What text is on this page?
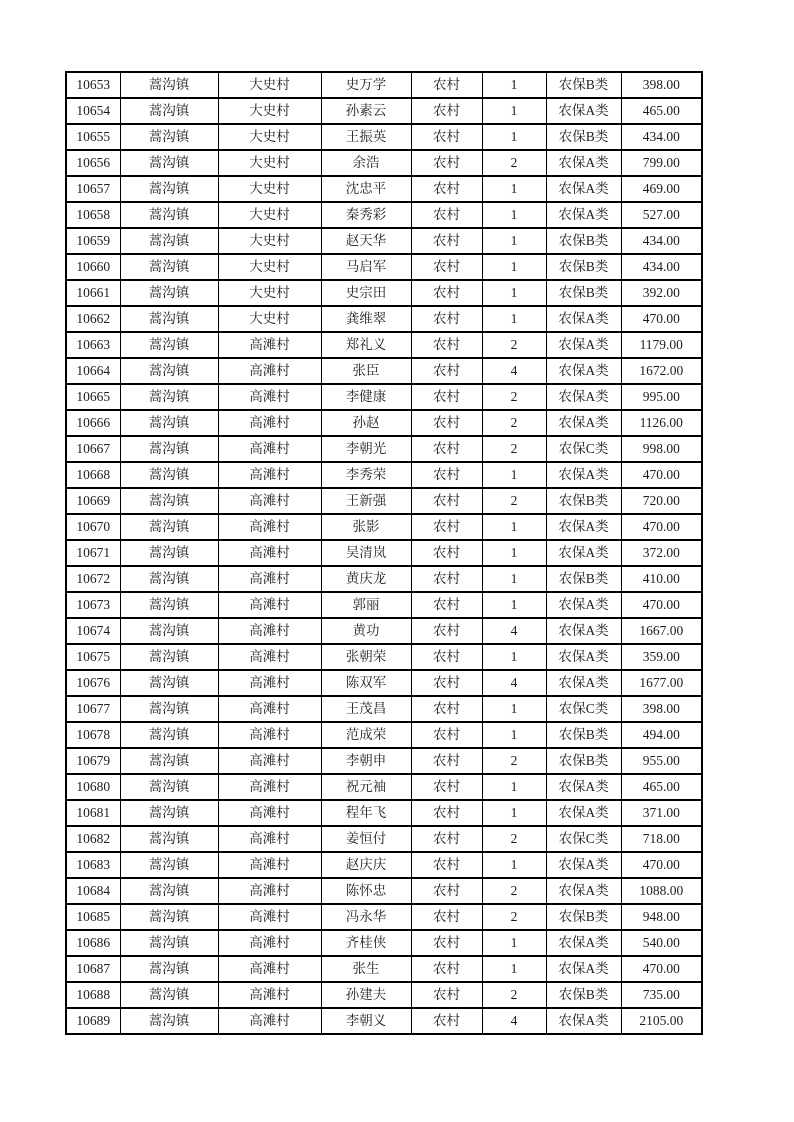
10653	蒿沟镇	大史村	史万学	农村	1	农保B类	398.00
10654	蒿沟镇	大史村	孙素云	农村	1	农保A类	465.00
10655	蒿沟镇	大史村	王振英	农村	1	农保B类	434.00
10656	蒿沟镇	大史村	余浩	农村	2	农保A类	799.00
10657	蒿沟镇	大史村	沈忠平	农村	1	农保A类	469.00
10658	蒿沟镇	大史村	秦秀彩	农村	1	农保A类	527.00
10659	蒿沟镇	大史村	赵天华	农村	1	农保B类	434.00
10660	蒿沟镇	大史村	马启军	农村	1	农保B类	434.00
10661	蒿沟镇	大史村	史宗田	农村	1	农保B类	392.00
10662	蒿沟镇	大史村	龚维翠	农村	1	农保A类	470.00
10663	蒿沟镇	高滩村	郑礼义	农村	2	农保A类	1179.00
10664	蒿沟镇	高滩村	张臣	农村	4	农保A类	1672.00
10665	蒿沟镇	高滩村	李健康	农村	2	农保A类	995.00
10666	蒿沟镇	高滩村	孙赵	农村	2	农保A类	1126.00
10667	蒿沟镇	高滩村	李朝光	农村	2	农保C类	998.00
10668	蒿沟镇	高滩村	李秀荣	农村	1	农保A类	470.00
10669	蒿沟镇	高滩村	王新强	农村	2	农保B类	720.00
10670	蒿沟镇	高滩村	张影	农村	1	农保A类	470.00
10671	蒿沟镇	高滩村	吴清岚	农村	1	农保A类	372.00
10672	蒿沟镇	高滩村	黄庆龙	农村	1	农保B类	410.00
10673	蒿沟镇	高滩村	郭丽	农村	1	农保A类	470.00
10674	蒿沟镇	高滩村	黄功	农村	4	农保A类	1667.00
10675	蒿沟镇	高滩村	张朝荣	农村	1	农保A类	359.00
10676	蒿沟镇	高滩村	陈双军	农村	4	农保A类	1677.00
10677	蒿沟镇	高滩村	王茂昌	农村	1	农保C类	398.00
10678	蒿沟镇	高滩村	范成荣	农村	1	农保B类	494.00
10679	蒿沟镇	高滩村	李朝申	农村	2	农保B类	955.00
10680	蒿沟镇	高滩村	祝元袖	农村	1	农保A类	465.00
10681	蒿沟镇	高滩村	程年飞	农村	1	农保A类	371.00
10682	蒿沟镇	高滩村	姜恒付	农村	2	农保C类	718.00
10683	蒿沟镇	高滩村	赵庆庆	农村	1	农保A类	470.00
10684	蒿沟镇	高滩村	陈怀忠	农村	2	农保A类	1088.00
10685	蒿沟镇	高滩村	冯永华	农村	2	农保B类	948.00
10686	蒿沟镇	高滩村	齐桂侠	农村	1	农保A类	540.00
10687	蒿沟镇	高滩村	张生	农村	1	农保A类	470.00
10688	蒿沟镇	高滩村	孙建夫	农村	2	农保B类	735.00
10689	蒿沟镇	高滩村	李朝义	农村	4	农保A类	2105.00
